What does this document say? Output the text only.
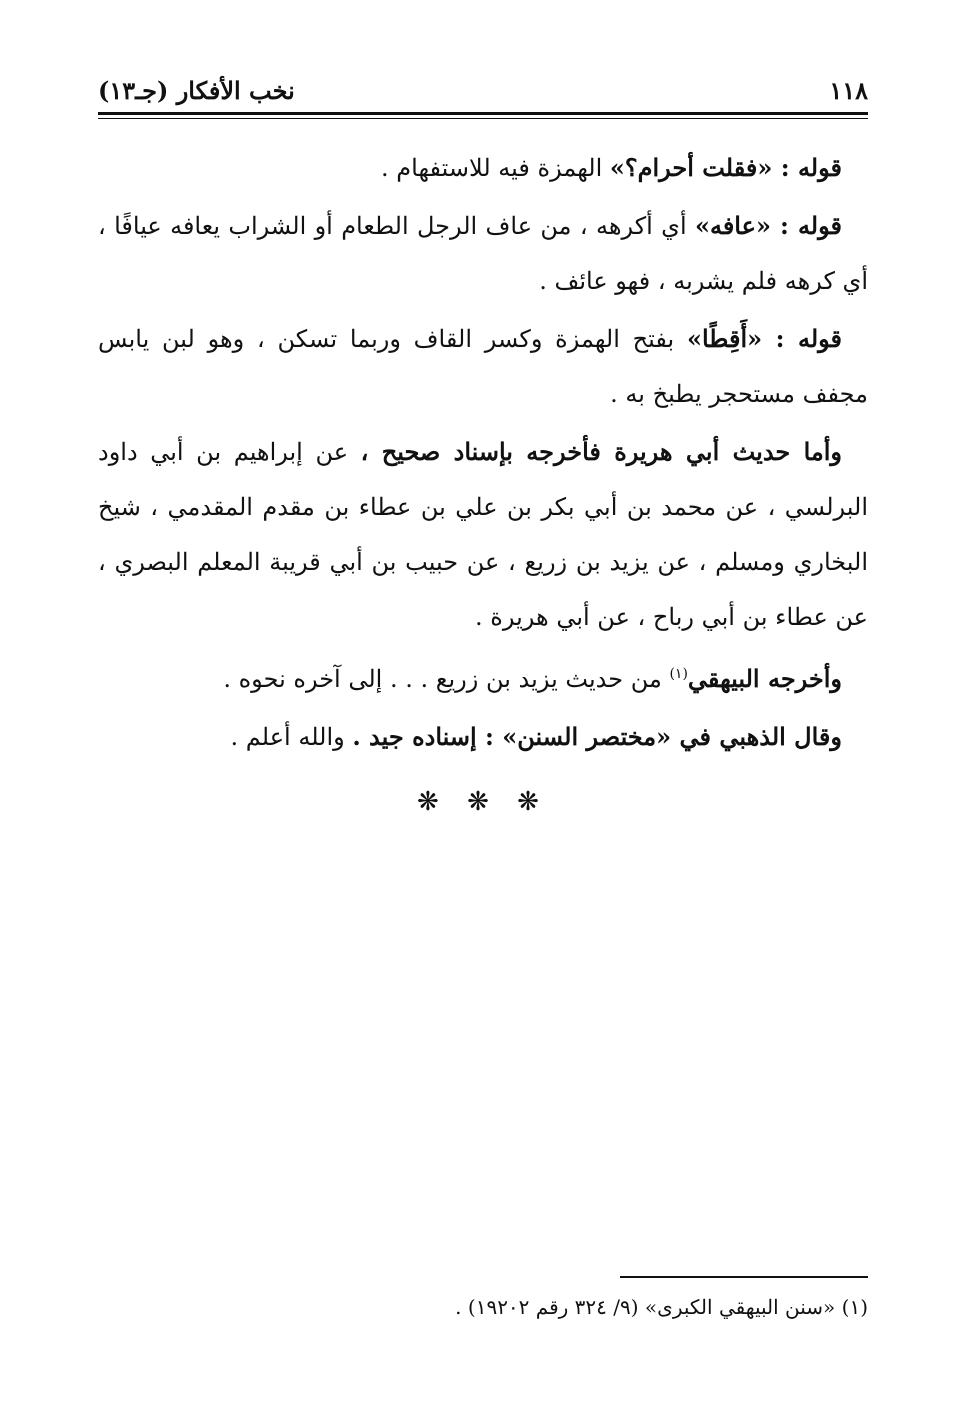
١١٨
نخب الأفكار (جـ١٣)

قوله : «فقلت أحرام؟» الهمزة فيه للاستفهام .

قوله : «عافه» أي أكرهه ، من عاف الرجل الطعام أو الشراب يعافه عيافًا ، أي كرهه فلم يشربه ، فهو عائف .

قوله : «أَقِطًا» بفتح الهمزة وكسر القاف وربما تسكن ، وهو لبن يابس مجفف مستحجر يطبخ به .

وأما حديث أبي هريرة فأخرجه بإسناد صحيح ، عن إبراهيم بن أبي داود البرلسي ، عن محمد بن أبي بكر بن علي بن عطاء بن مقدم المقدمي ، شيخ البخاري ومسلم ، عن يزيد بن زريع ، عن حبيب بن أبي قريبة المعلم البصري ، عن عطاء بن أبي رباح ، عن أبي هريرة .

وأخرجه البيهقي$^{(١)}$ من حديث يزيد بن زريع . . . إلى آخره نحوه .

وقال الذهبي في «مختصر السنن» : إسناده جيد . والله أعلم .

❋ ❋ ❋
(١) «سنن البيهقي الكبرى» (٩/ ٣٢٤ رقم ١٩٢٠٢) .
